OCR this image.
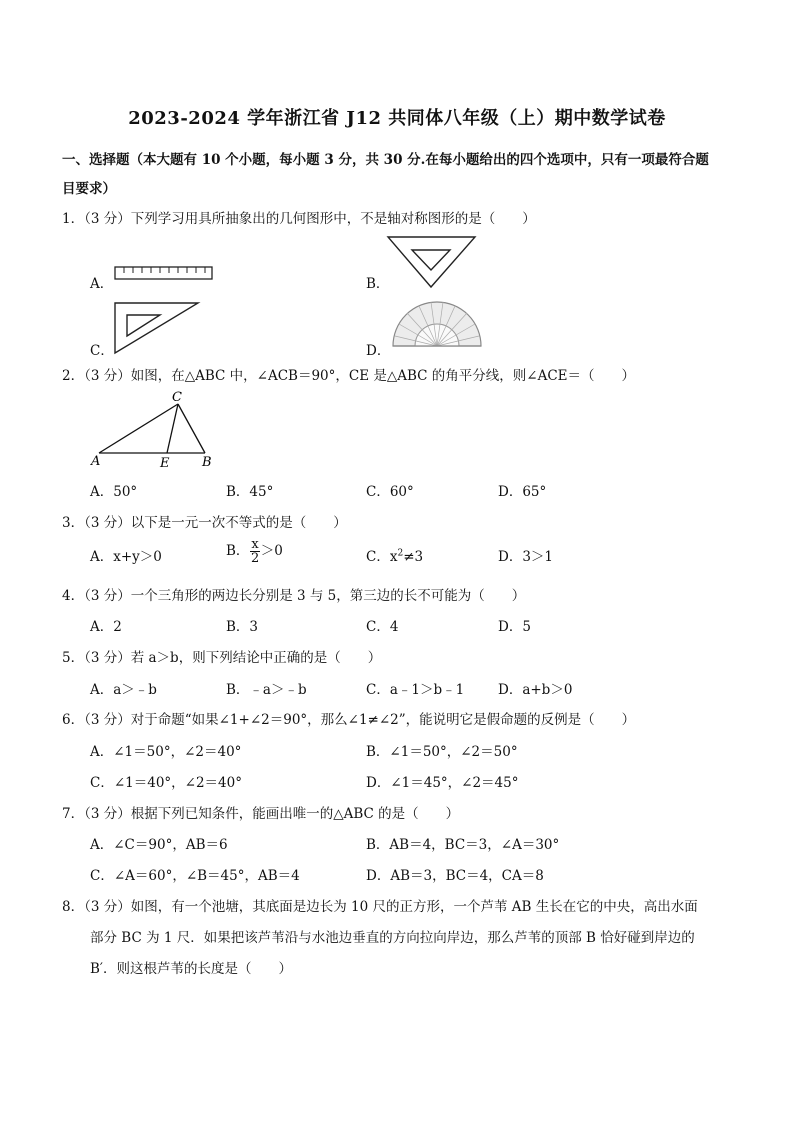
2023-2024 学年浙江省 J12 共同体八年级（上）期中数学试卷
一、选择题（本大题有 10 个小题，每小题 3 分，共 30 分.在每小题给出的四个选项中，只有一项最符合题
目要求）
1．（3 分）下列学习用具所抽象出的几何图形中，不是轴对称图形的是（　　）
A．	B．
C．	D．
2．（3 分）如图，在△ABC 中，∠ACB＝90°，CE 是△ABC 的角平分线，则∠ACE＝（　　）
C
A	E	B
A．50°	B．45°	C．60°	D．65°
3．（3 分）以下是一元一次不等式的是（　　）
A．x+y＞0	B． $\frac{x}{2} >0$	C．$x^2\ne 3$	D．3＞1
4．（3 分）一个三角形的两边长分别是 3 与 5，第三边的长不可能为（　　）
A．2	B．3	C．4	D．5
5．（3 分）若 a＞b，则下列结论中正确的是（　　）
A．a＞﹣b	B．﹣a＞﹣b	C．a﹣1＞b﹣1	D．a+b＞0
6．（3 分）对于命题“如果∠1+∠2＝90°，那么∠1≠∠2”，能说明它是假命题的反例是（　　）
A．∠1＝50°，∠2＝40°	B．∠1＝50°，∠2＝50°
C．∠1＝40°，∠2＝40°	D．∠1＝45°，∠2＝45°
7．（3 分）根据下列已知条件，能画出唯一的△ABC 的是（　　）
A．∠C＝90°，AB＝6	B．AB＝4，BC＝3，∠A＝30°
C．∠A＝60°，∠B＝45°，AB＝4	D．AB＝3，BC＝4，CA＝8
8．（3 分）如图，有一个池塘，其底面是边长为 10 尺的正方形，一个芦苇 AB 生长在它的中央，高出水面
部分 BC 为 1 尺．如果把该芦苇沿与水池边垂直的方向拉向岸边，那么芦苇的顶部 B 恰好碰到岸边的
B′．则这根芦苇的长度是（　　）
